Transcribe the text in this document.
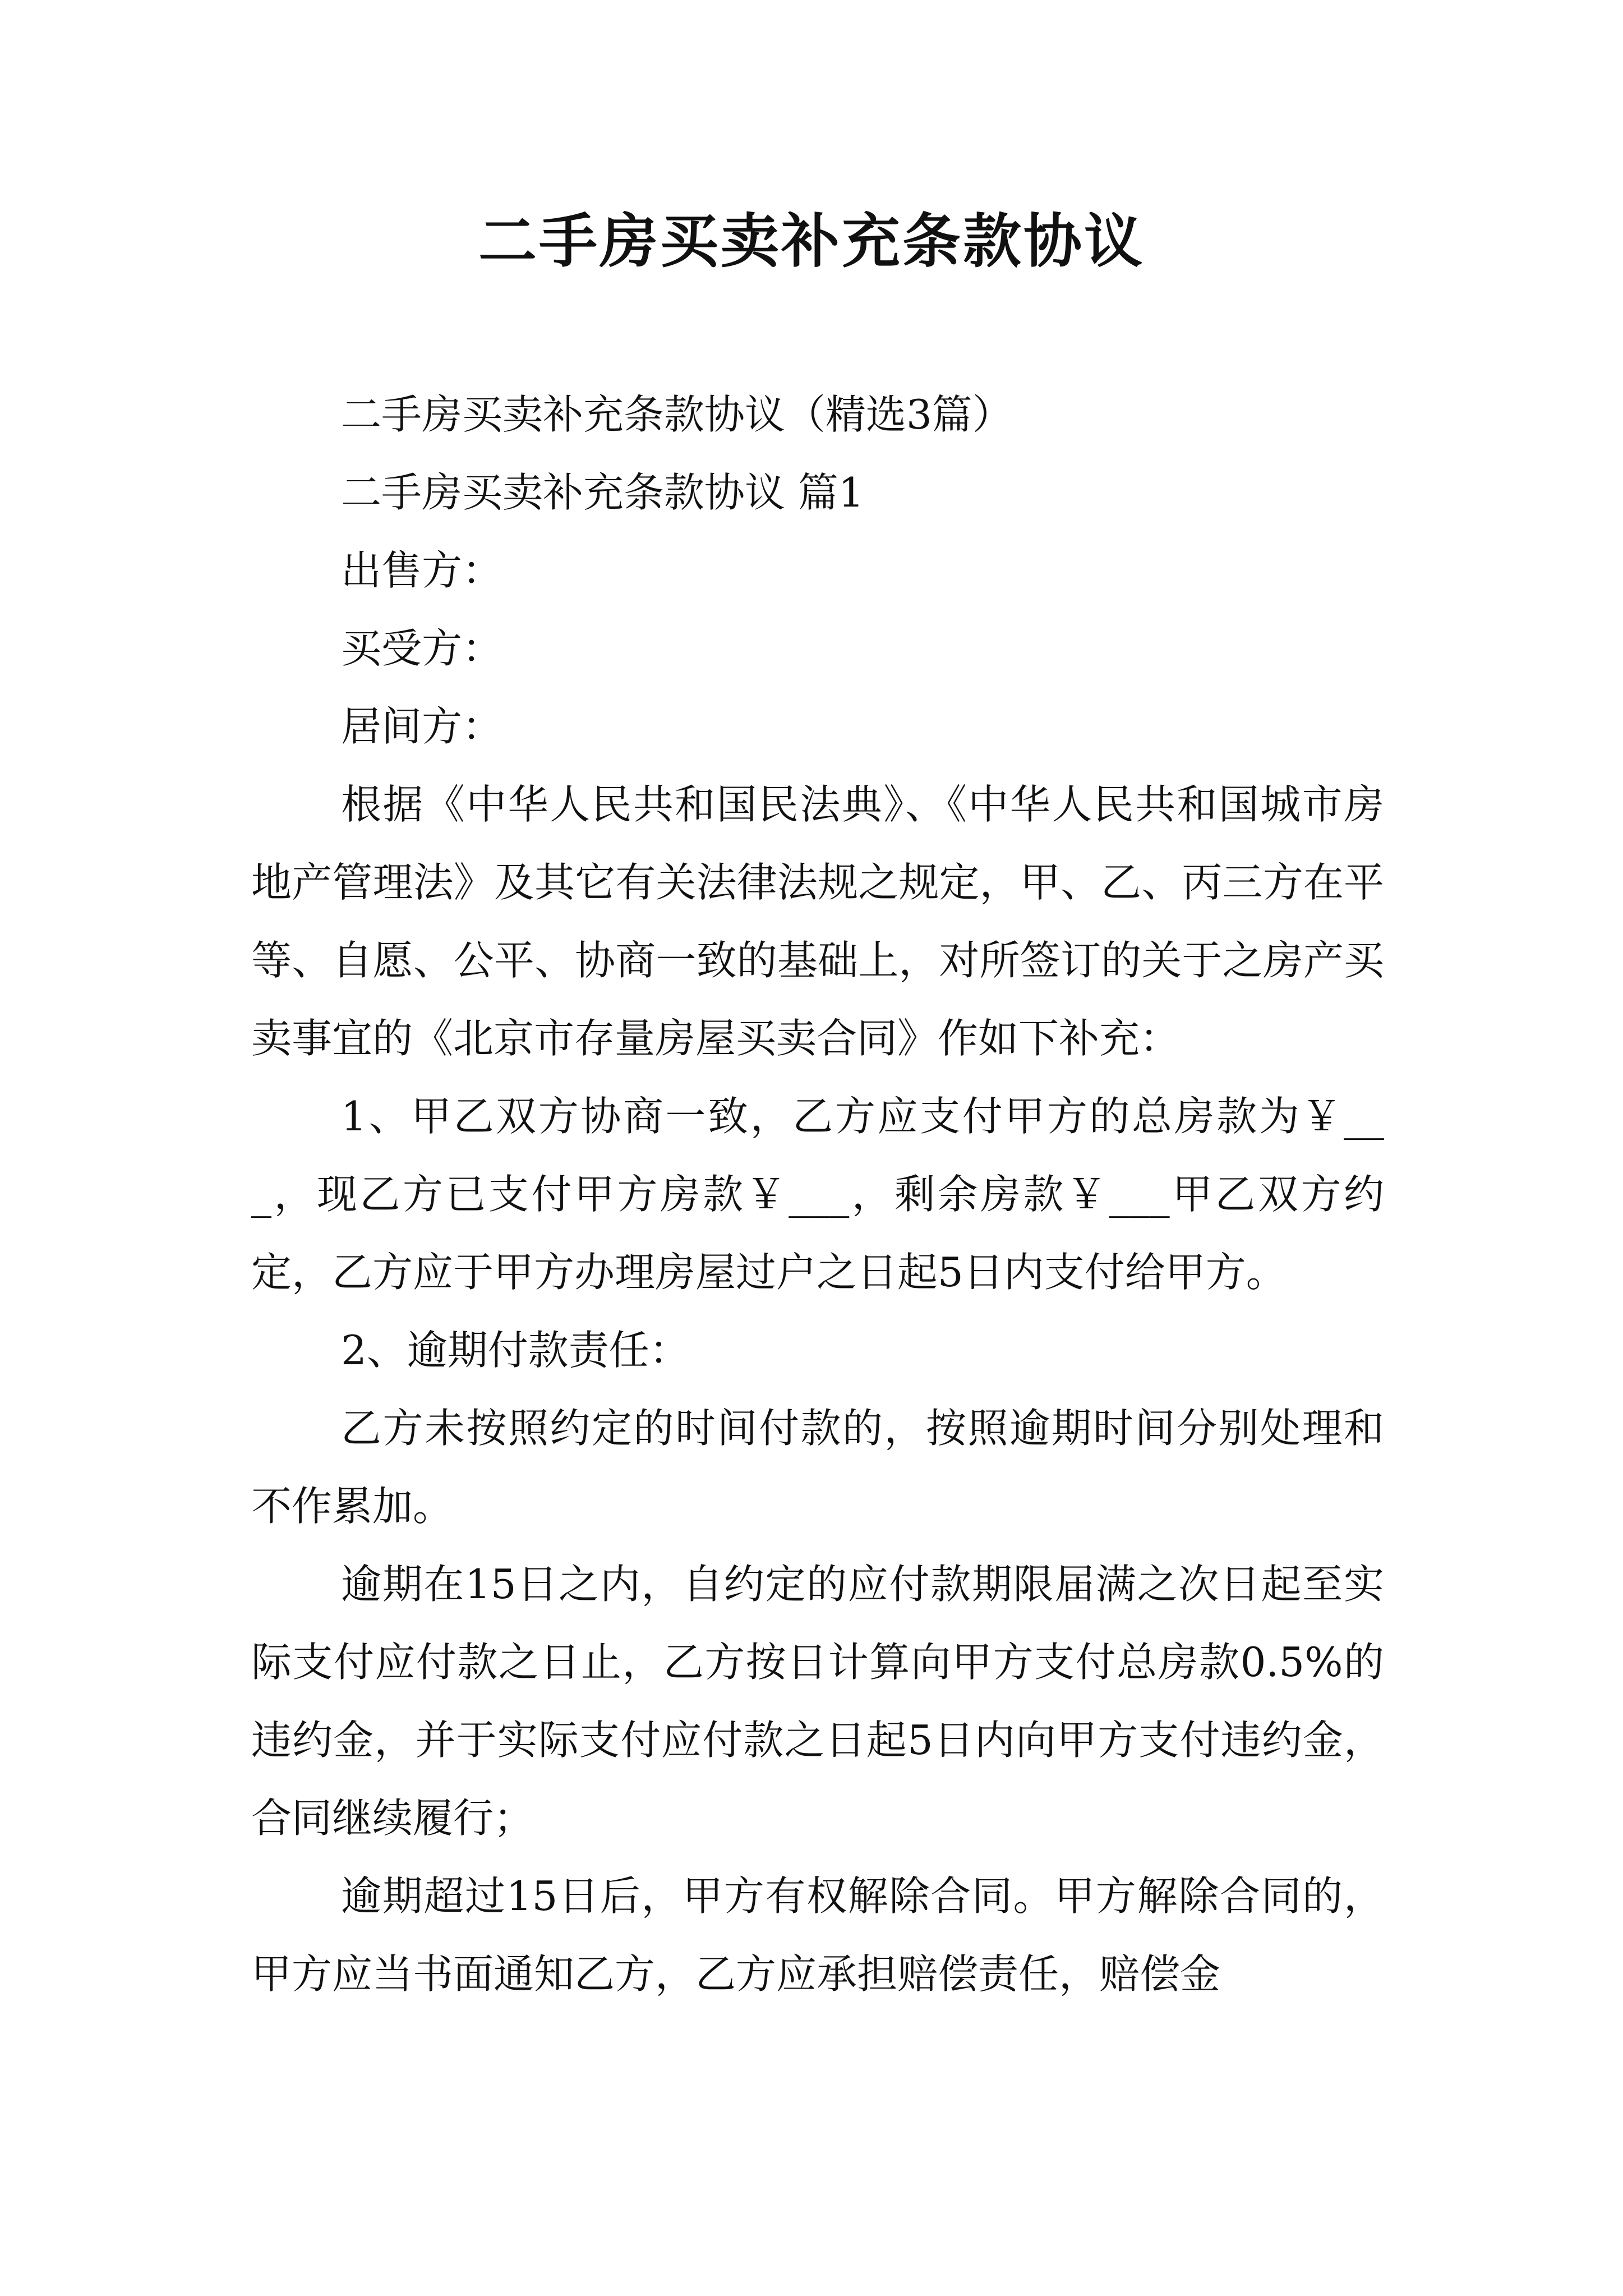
二手房买卖补充条款协议

二手房买卖补充条款协议（精选3篇）

二手房买卖补充条款协议 篇1

出售方：

买受方：

居间方：

根据《中华人民共和国民法典》、《中华人民共和国城市房地产管理法》及其它有关法律法规之规定，甲、乙、丙三方在平等、自愿、公平、协商一致的基础上，对所签订的关于之房产买卖事宜的《北京市存量房屋买卖合同》作如下补充：

1、甲乙双方协商一致，乙方应支付甲方的总房款为￥___，现乙方已支付甲方房款￥___，剩余房款￥___甲乙双方约定，乙方应于甲方办理房屋过户之日起5日内支付给甲方。

2、逾期付款责任：

乙方未按照约定的时间付款的，按照逾期时间分别处理和不作累加。

逾期在15日之内，自约定的应付款期限届满之次日起至实际支付应付款之日止，乙方按日计算向甲方支付总房款0.5%的违约金，并于实际支付应付款之日起5日内向甲方支付违约金，合同继续履行；

逾期超过15日后，甲方有权解除合同。甲方解除合同的，甲方应当书面通知乙方，乙方应承担赔偿责任，赔偿金
